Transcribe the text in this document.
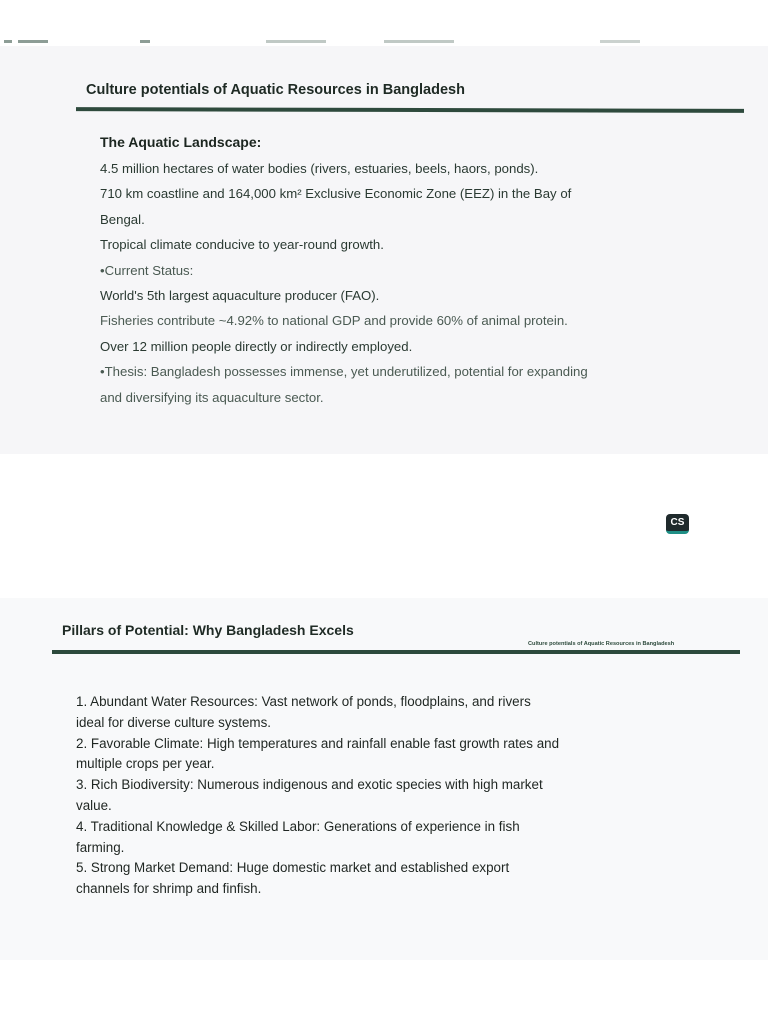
Culture potentials of Aquatic Resources in Bangladesh
The Aquatic Landscape:
4.5 million hectares of water bodies (rivers, estuaries, beels, haors, ponds).
710 km coastline and 164,000 km² Exclusive Economic Zone (EEZ) in the Bay of
Bengal.
Tropical climate conducive to year-round growth.
•Current Status:
World's 5th largest aquaculture producer (FAO).
Fisheries contribute ~4.92% to national GDP and provide 60% of animal protein.
Over 12 million people directly or indirectly employed.
•Thesis: Bangladesh possesses immense, yet underutilized, potential for expanding
and diversifying its aquaculture sector.
CS
Pillars of Potential: Why Bangladesh Excels
Culture potentials of Aquatic Resources in Bangladesh
1. Abundant Water Resources: Vast network of ponds, floodplains, and rivers
ideal for diverse culture systems.
2. Favorable Climate: High temperatures and rainfall enable fast growth rates and
multiple crops per year.
3. Rich Biodiversity: Numerous indigenous and exotic species with high market
value.
4. Traditional Knowledge & Skilled Labor: Generations of experience in fish
farming.
5. Strong Market Demand: Huge domestic market and established export
channels for shrimp and finfish.
